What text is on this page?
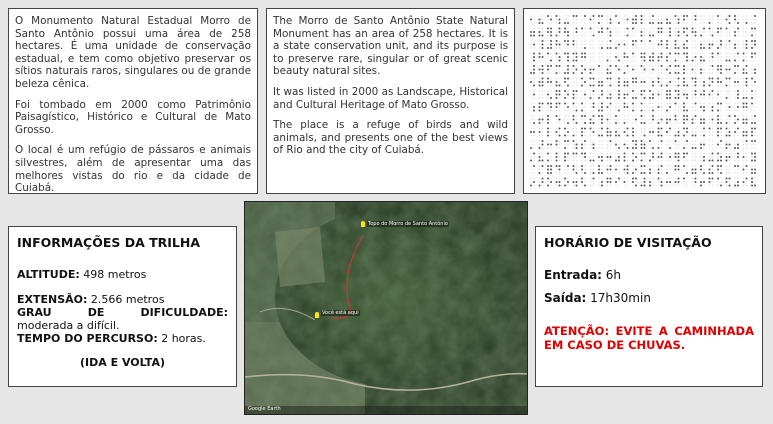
O Monumento Natural Estadual Morro de Santo Antônio possui uma área de 258 hectares. É uma unidade de conservação estadual, e tem como objetivo preservar os sítios naturais raros, singulares ou de grande beleza cênica.

Foi tombado em 2000 como Patrimônio Paisagístico, Histórico e Cultural de Mato Grosso.

O local é um refúgio de pássaros e animais silvestres, além de apresentar uma das melhores vistas do rio e da cidade de Cuiabá.

The Morro de Santo Antônio State Natural Monument has an area of 258 hectares. It is a state conservation unit, and its purpose is to preserve rare, singular or of great scenic beauty natural sites.

It was listed in 2000 as Landscape, Historical and Cultural Heritage of Mato Grosso.

The place is a refuge of birds and wild animals, and presents one of the best views of Rio and the city of Cuiabá.

INFORMAÇÕES DA TRILHA

ALTITUDE: 498 metros

EXTENSÃO: 2.566 metros

GRAU	DE	DIFICULDADE:

moderada a difícil.

TEMPO DO PERCURSO: 2 horas.

(IDA E VOLTA)

Topo do Morro de Santo Antônio
Você está aqui
Google Earth
HORÁRIO DE VISITAÇÃO

Entrada: 6h

Saída: 17h30min

ATENÇÃO: EVITE A CAMINHADA EM CASO DE CHUVAS.
